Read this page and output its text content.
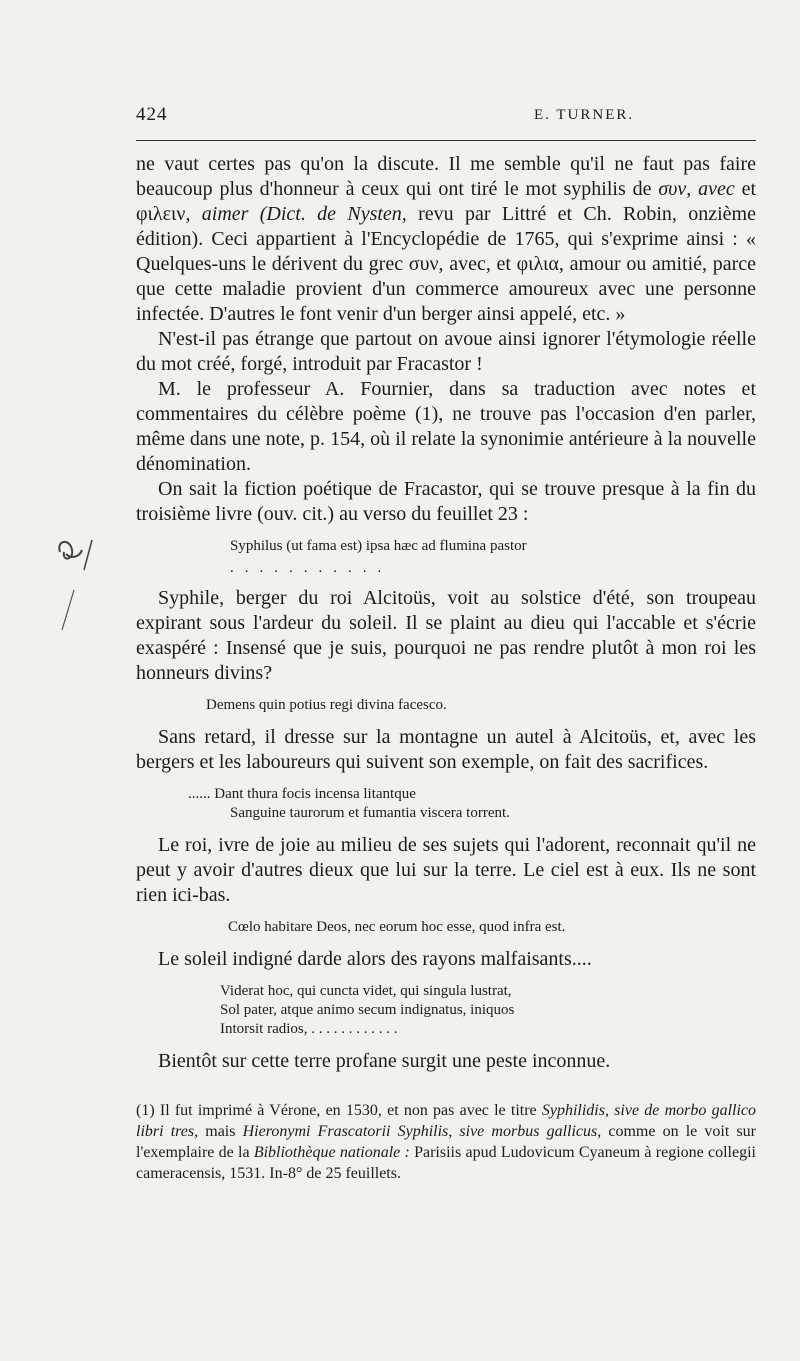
424	E. TURNER.

ne vaut certes pas qu'on la discute. Il me semble qu'il ne faut pas faire beaucoup plus d'honneur à ceux qui ont tiré le mot syphilis de συν, avec et φιλειν, aimer (Dict. de Nysten, revu par Littré et Ch. Robin, onzième édition). Ceci appartient à l'Encyclopédie de 1765, qui s'exprime ainsi : « Quelques-uns le dérivent du grec συν, avec, et φιλια, amour ou amitié, parce que cette maladie provient d'un commerce amoureux avec une personne infectée. D'autres le font venir d'un berger ainsi appelé, etc. »

N'est-il pas étrange que partout on avoue ainsi ignorer l'étymologie réelle du mot créé, forgé, introduit par Fracastor !

M. le professeur A. Fournier, dans sa traduction avec notes et commentaires du célèbre poème (1), ne trouve pas l'occasion d'en parler, même dans une note, p. 154, où il relate la synonimie antérieure à la nouvelle dénomination.

On sait la fiction poétique de Fracastor, qui se trouve presque à la fin du troisième livre (ouv. cit.) au verso du feuillet 23 :

Syphilus (ut fama est) ipsa hæc ad flumina pastor
...........

Syphile, berger du roi Alcitoüs, voit au solstice d'été, son troupeau expirant sous l'ardeur du soleil. Il se plaint au dieu qui l'accable et s'écrie exaspéré : Insensé que je suis, pourquoi ne pas rendre plutôt à mon roi les honneurs divins?

Demens quin potius regi divina facesco.

Sans retard, il dresse sur la montagne un autel à Alcitoüs, et, avec les bergers et les laboureurs qui suivent son exemple, on fait des sacrifices.

...... Dant thura focis incensa litantque
Sanguine taurorum et fumantia viscera torrent.

Le roi, ivre de joie au milieu de ses sujets qui l'adorent, reconnait qu'il ne peut y avoir d'autres dieux que lui sur la terre. Le ciel est à eux. Ils ne sont rien ici-bas.

Cœlo habitare Deos, nec eorum hoc esse, quod infra est.

Le soleil indigné darde alors des rayons malfaisants....

Viderat hoc, qui cuncta videt, qui singula lustrat,
Sol pater, atque animo secum indignatus, iniquos
Intorsit radios, . . . . . . . . . . . .

Bientôt sur cette terre profane surgit une peste inconnue.

(1) Il fut imprimé à Vérone, en 1530, et non pas avec le titre Syphilidis, sive de morbo gallico libri tres, mais Hieronymi Frascatorii Syphilis, sive morbus gallicus, comme on le voit sur l'exemplaire de la Bibliothèque nationale : Parisiis apud Ludovicum Cyaneum à regione collegii cameracensis, 1531. In-8° de 25 feuillets.
